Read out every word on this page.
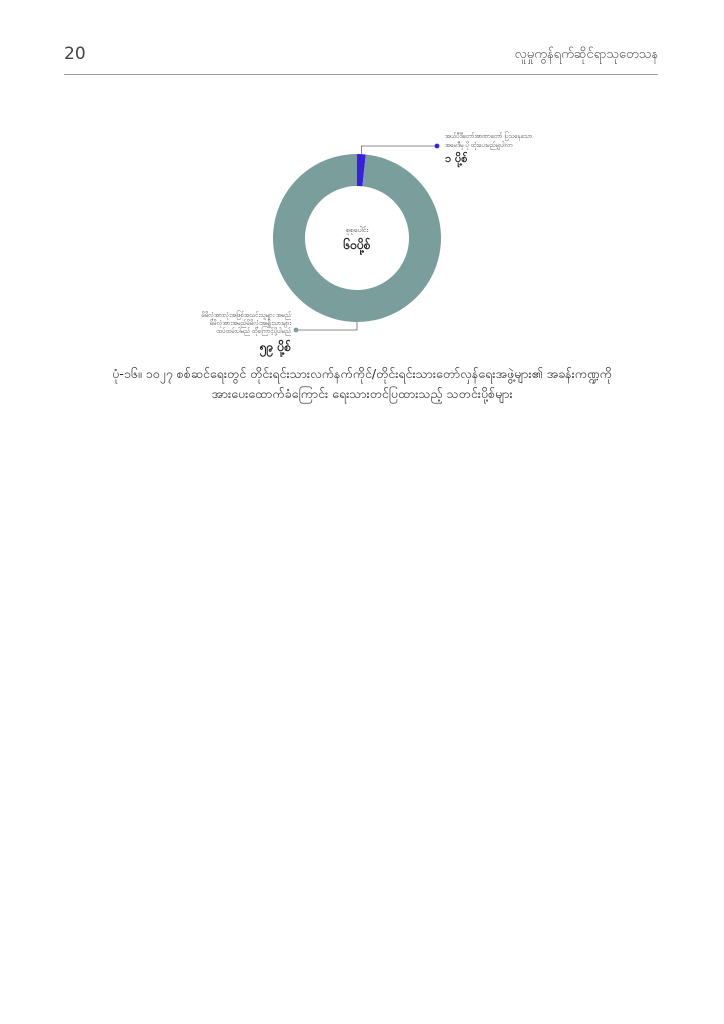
20	လူမှုကွန်ရက်ဆိုင်ရာသုတေသန
စုစုပေါင်း
၆၀ပို့စ်
အယ်ပီဒီတော်အာဏာတော် ပြသနေသော
အမေဒီမှ ပို ထုံးပေးမည်မျှပါလာ
၁ ပို့စ်
မိမိလုံအားလုံးအဖြစ်အသင်းသူများ အမည်
မိမိလုံအားအမည်မိမိလုံးအမျိုးသားများ
ထပ်ထမ်းပါမည် ထိုကြောင့်ပို့ပါမည်
၅၉ ပို့စ်
ပုံ-၁၆။ ၁၀၂၇ စစ်ဆင်ရေးတွင် တိုင်းရင်းသားလက်နက်ကိုင်/တိုင်းရင်းသားတော်လှန်ရေးအဖွဲ့များ၏ အခန်းကဏ္ဍကို
အားပေးထောက်ခံကြောင်း ရေးသားတင်ပြထားသည့် သတင်းပို့စ်များ
